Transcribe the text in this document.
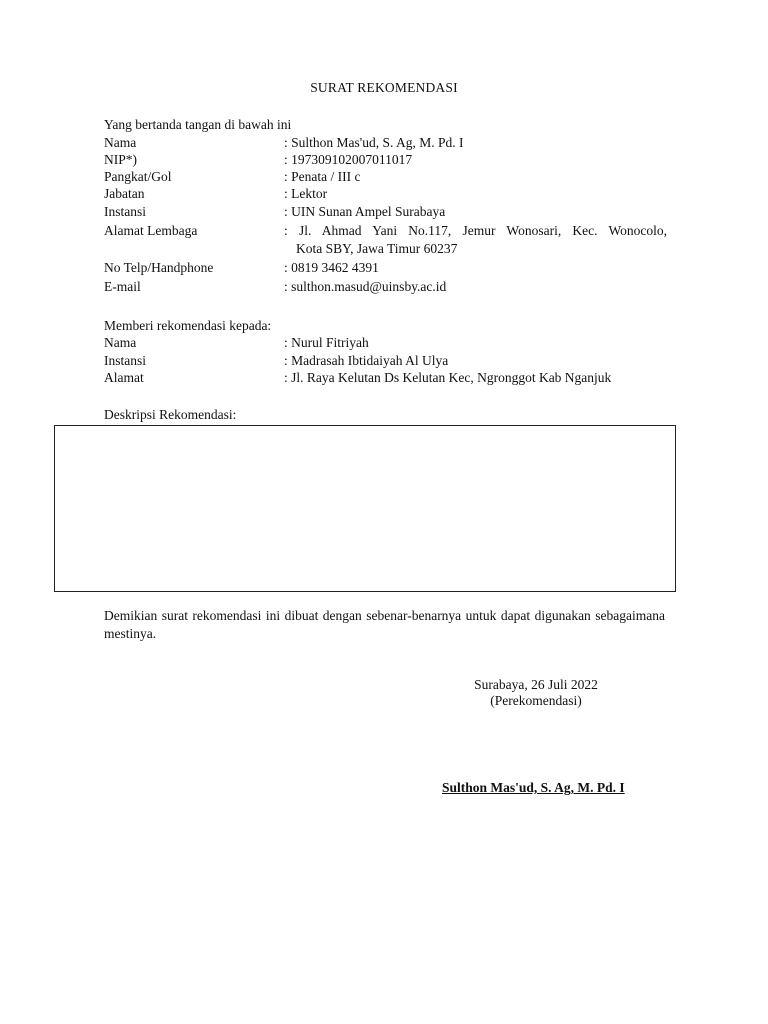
SURAT REKOMENDASI
Yang bertanda tangan di bawah ini
Nama	: Sulthon Mas'ud, S. Ag, M. Pd. I
NIP*)	: 197309102007011017
Pangkat/Gol	: Penata / III c
Jabatan	: Lektor
Instansi	: UIN Sunan Ampel Surabaya
Alamat Lembaga	: Jl. Ahmad Yani No.117, Jemur Wonosari, Kec. Wonocolo,
Kota SBY, Jawa Timur 60237
No Telp/Handphone	: 0819 3462 4391
E-mail	: sulthon.masud@uinsby.ac.id
Memberi rekomendasi kepada:
Nama	: Nurul Fitriyah
Instansi	: Madrasah Ibtidaiyah Al Ulya
Alamat	: Jl. Raya Kelutan Ds Kelutan Kec, Ngronggot Kab Nganjuk
Deskripsi Rekomendasi:
Demikian surat rekomendasi ini dibuat dengan sebenar-benarnya untuk dapat digunakan sebagaimana mestinya.
Surabaya, 26 Juli 2022
(Perekomendasi)
Sulthon Mas'ud, S. Ag, M. Pd. I
